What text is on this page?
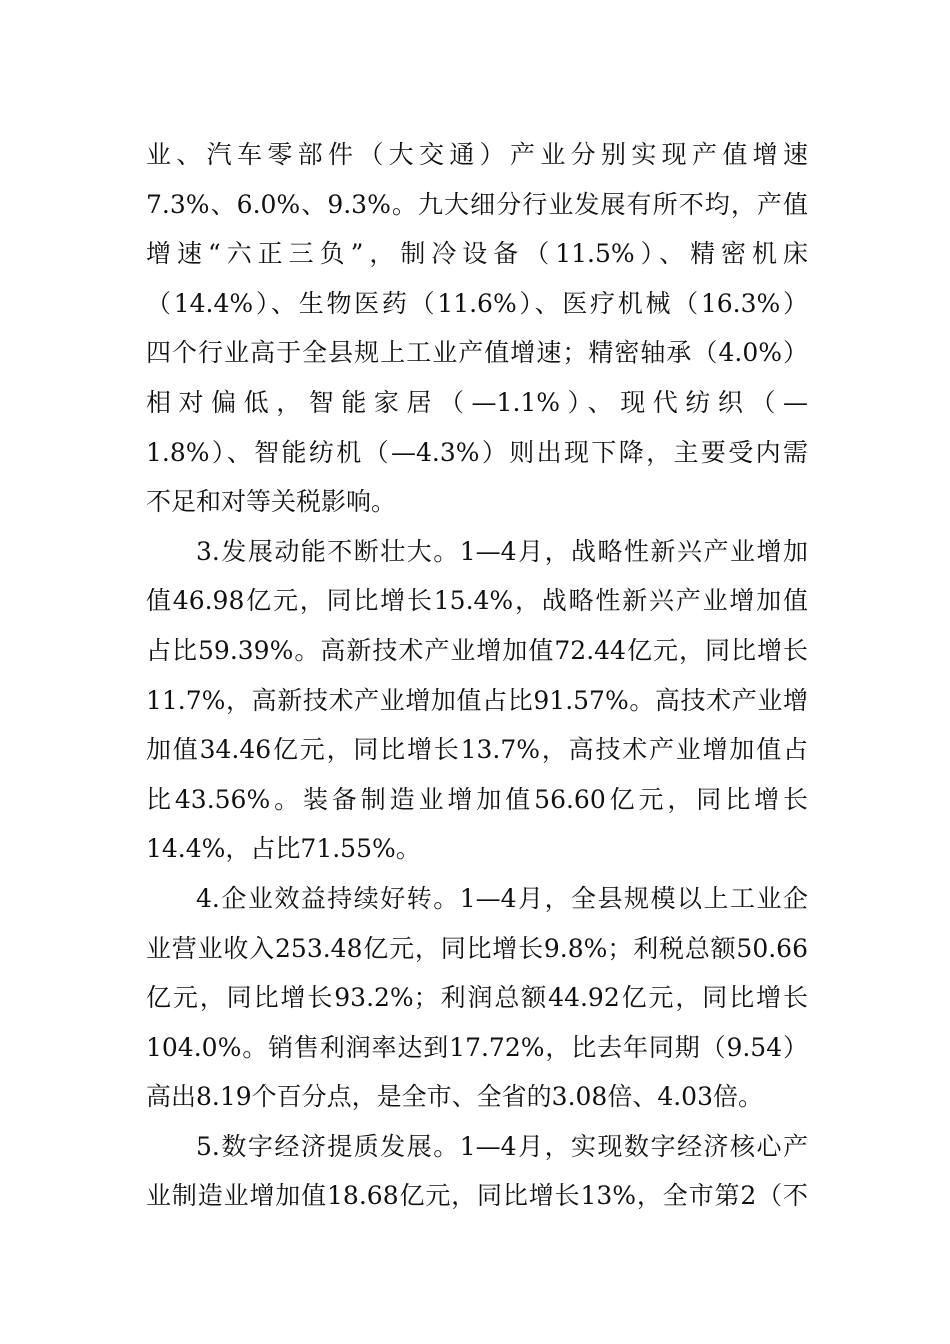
业、汽车零部件（大交通）产业分别实现产值增速
7.3%、6.0%、9.3%。九大细分行业发展有所不均，产值
增速“六正三负”，制冷设备（11.5%）、精密机床
（14.4%）、生物医药（11.6%）、医疗机械（16.3%）
四个行业高于全县规上工业产值增速；精密轴承（4.0%）
相对偏低，智能家居（—1.1%）、现代纺织（—
1.8%）、智能纺机（—4.3%）则出现下降，主要受内需
不足和对等关税影响。
3.发展动能不断壮大。1—4月，战略性新兴产业增加
值46.98亿元，同比增长15.4%，战略性新兴产业增加值
占比59.39%。高新技术产业增加值72.44亿元，同比增长
11.7%，高新技术产业增加值占比91.57%。高技术产业增
加值34.46亿元，同比增长13.7%，高技术产业增加值占
比43.56%。装备制造业增加值56.60亿元，同比增长
14.4%，占比71.55%。
4.企业效益持续好转。1—4月，全县规模以上工业企
业营业收入253.48亿元，同比增长9.8%；利税总额50.66
亿元，同比增长93.2%；利润总额44.92亿元，同比增长
104.0%。销售利润率达到17.72%，比去年同期（9.54）
高出8.19个百分点，是全市、全省的3.08倍、4.03倍。
5.数字经济提质发展。1—4月，实现数字经济核心产
业制造业增加值18.68亿元，同比增长13%，全市第2（不
